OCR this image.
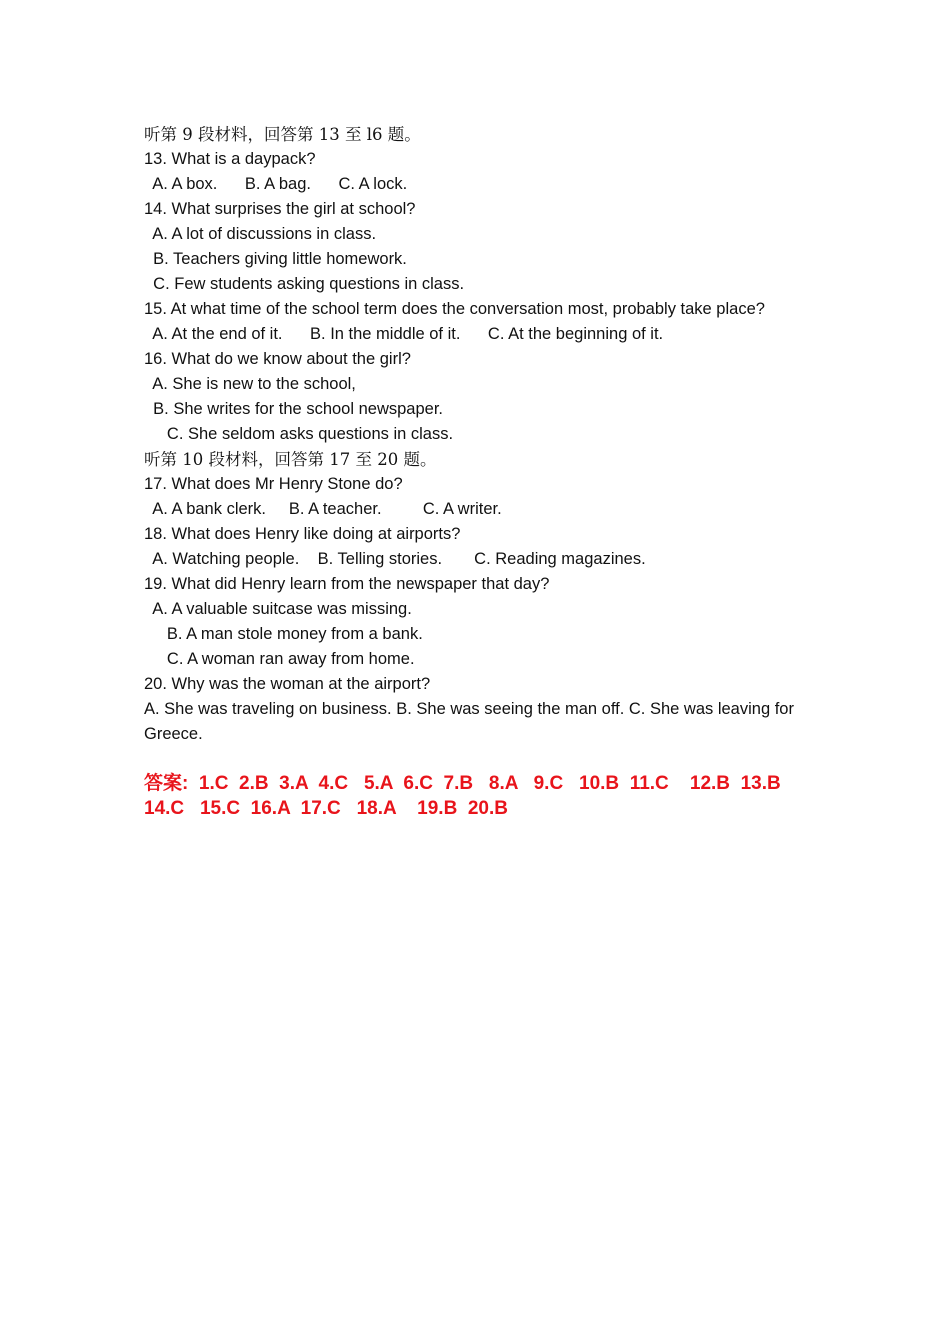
听第 9 段材料，回答第 13 至 l6 题。
13. What is a daypack?
A. A box.      B. A bag.      C. A lock.
14. What surprises the girl at school?
A. A lot of discussions in class.
B. Teachers giving little homework.
C. Few students asking questions in class.
15. At what time of the school term does the conversation most, probably take place?
A. At the end of it.      B. In the middle of it.      C. At the beginning of it.
16. What do we know about the girl?
A. She is new to the school,
B. She writes for the school newspaper.
C. She seldom asks questions in class.
听第 10 段材料，回答第 17 至 20 题。
17. What does Mr Henry Stone do?
A. A bank clerk.     B. A teacher.         C. A writer.
18. What does Henry like doing at airports?
A. Watching people.    B. Telling stories.       C. Reading magazines.
19. What did Henry learn from the newspaper that day?
A. A valuable suitcase was missing.
B. A man stole money from a bank.
C. A woman ran away from home.
20. Why was the woman at the airport?
A. She was traveling on business. B. She was seeing the man off. C. She was leaving for Greece.
答案:  1.C  2.B  3.A  4.C   5.A  6.C  7.B   8.A   9.C   10.B  11.C    12.B  13.B  14.C   15.C  16.A  17.C   18.A    19.B  20.B
